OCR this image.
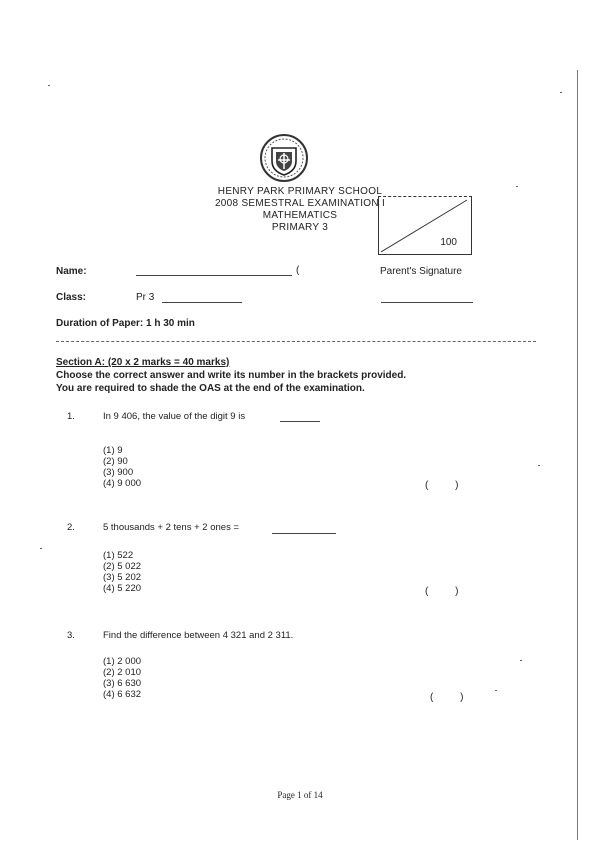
HENRY PARK PRIMARY SCHOOL
2008 SEMESTRAL EXAMINATION I
MATHEMATICS
PRIMARY 3
100
Name:	(	Parent's Signature
Class:	Pr 3
Duration of Paper: 1 h 30 min
Section A: (20 x 2 marks = 40 marks)
Choose the correct answer and write its number in the brackets provided.
You are required to shade the OAS at the end of the examination.
1.	In 9 406, the value of the digit 9 is
(1) 9
(2) 90
(3) 900
(4) 9 000	( )
2.	5 thousands + 2 tens + 2 ones =
(1) 522
(2) 5 022
(3) 5 202
(4) 5 220	( )
3.	Find the difference between 4 321 and 2 311.
(1) 2 000
(2) 2 010
(3) 6 630
(4) 6 632	( )
Page 1 of 14
